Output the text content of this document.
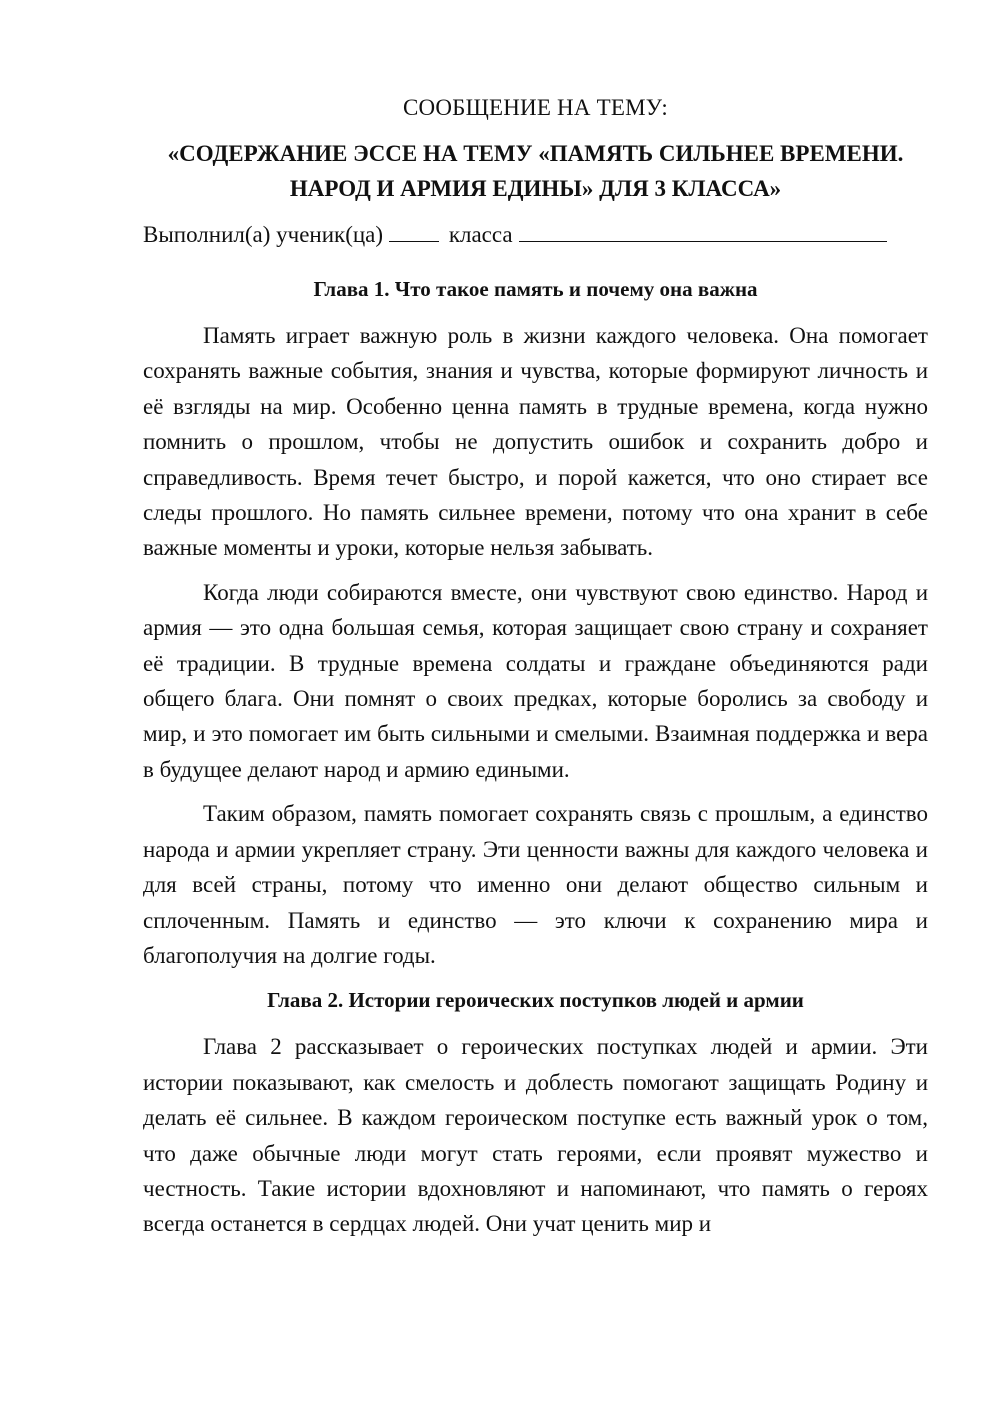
СООБЩЕНИЕ НА ТЕМУ:
«СОДЕРЖАНИЕ ЭССЕ НА ТЕМУ «ПАМЯТЬ СИЛЬНЕЕ ВРЕМЕНИ.
НАРОД И АРМИЯ ЕДИНЫ» ДЛЯ 3 КЛАССА»
Выполнил(а) ученик(ца)	класса
Глава 1. Что такое память и почему она важна

Память играет важную роль в жизни каждого человека. Она помогает сохранять важные события, знания и чувства, которые формируют личность и её взгляды на мир. Особенно ценна память в трудные времена, когда нужно помнить о прошлом, чтобы не допустить ошибок и сохранить добро и справедливость. Время течет быстро, и порой кажется, что оно стирает все следы прошлого. Но память сильнее времени, потому что она хранит в себе важные моменты и уроки, которые нельзя забывать.

Когда люди собираются вместе, они чувствуют свою единство. Народ и армия — это одна большая семья, которая защищает свою страну и сохраняет её традиции. В трудные времена солдаты и граждане объединяются ради общего блага. Они помнят о своих предках, которые боролись за свободу и мир, и это помогает им быть сильными и смелыми. Взаимная поддержка и вера в будущее делают народ и армию едиными.

Таким образом, память помогает сохранять связь с прошлым, а единство народа и армии укрепляет страну. Эти ценности важны для каждого человека и для всей страны, потому что именно они делают общество сильным и сплоченным. Память и единство — это ключи к сохранению мира и благополучия на долгие годы.

Глава 2. Истории героических поступков людей и армии

Глава 2 рассказывает о героических поступках людей и армии. Эти истории показывают, как смелость и доблесть помогают защищать Родину и делать её сильнее. В каждом героическом поступке есть важный урок о том, что даже обычные люди могут стать героями, если проявят мужество и честность. Такие истории вдохновляют и напоминают, что память о героях всегда останется в сердцах людей. Они учат ценить мир и
